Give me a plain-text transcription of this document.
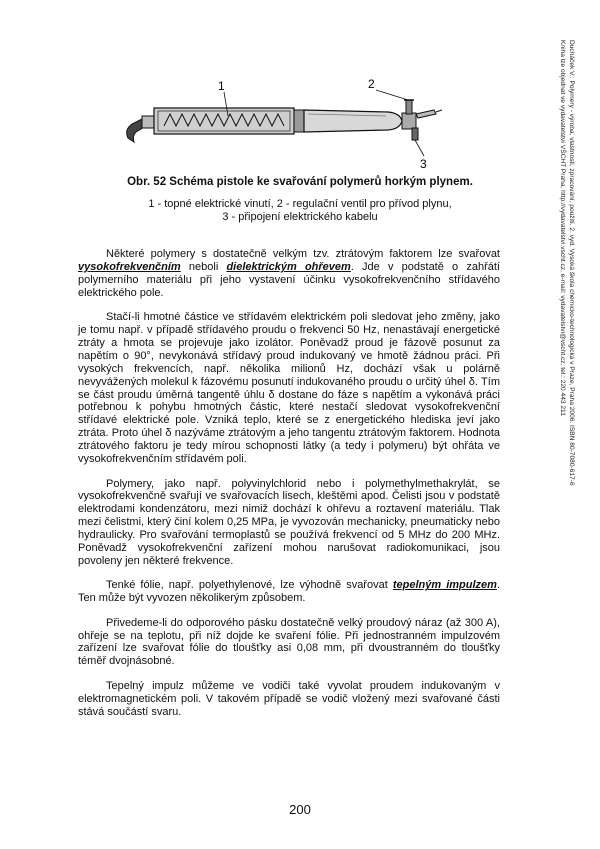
1	2
3
Obr. 52 Schéma pistole ke svařování polymerů horkým plynem.
1 - topné elektrické vinutí, 2 - regulační ventil pro přívod plynu,
3 - připojení elektrického kabelu

Některé polymery s dostatečně velkým tzv. ztrátovým faktorem lze svařovat vysokofrekvenčním neboli dielektrickým ohřevem. Jde v podstatě o zahřátí polymerního materiálu při jeho vystavení účinku vysokofrekvenčního střídavého elektrického pole.

Stačí-li hmotné částice ve střídavém elektrickém poli sledovat jeho změny, jako je tomu např. v případě střídavého proudu o frekvenci 50 Hz, nenastávají energetické ztráty a hmota se projevuje jako izolátor. Poněvadž proud je fázově posunut za napětím o 90°, nevykonává střídavý proud indukovaný ve hmotě žádnou práci. Při vysokých frekvencích, např. několika milionů Hz, dochází však u polárně nevyvážených molekul k fázovému posunutí indukovaného proudu o určitý úhel δ. Tím se část proudu úměrná tangentě úhlu δ dostane do fáze s napětím a vykonává práci potřebnou k pohybu hmotných částic, které nestačí sledovat vysokofrekvenční střídavé elektrické pole. Vzniká teplo, které se z energetického hlediska jeví jako ztráta. Proto úhel δ nazýváme ztrátovým a jeho tangentu ztrátovým faktorem. Hodnota ztrátového faktoru je tedy mírou schopnosti látky (a tedy i polymeru) být ohřáta ve vysokofrekvenčním střídavém poli.

Polymery, jako např. polyvinylchlorid nebo i polymethylmethakrylát, se vysokofrekvenčně svařují ve svařovacích lisech, kleštěmi apod. Čelisti jsou v podstatě elektrodami kondenzátoru, mezi nimiž dochází k ohřevu a roztavení materiálu. Tlak mezi čelistmi, který činí kolem 0,25 MPa, je vyvozován mechanicky, pneumaticky nebo hydraulicky. Pro svařování termoplastů se používá frekvencí od 5 MHz do 200 MHz. Poněvadž vysokofrekvenční zařízení mohou narušovat radiokomunikaci, jsou povoleny jen některé frekvence.

Tenké fólie, např. polyethylenové, lze výhodně svařovat tepelným impulzem. Ten může být vyvozen několikerým způsobem.

Přivedeme-li do odporového pásku dostatečně velký proudový náraz (až 300 A), ohřeje se na teplotu, při níž dojde ke svaření fólie. Při jednostranném impulzovém zařízení lze svařovat fólie do tloušťky asi 0,08 mm, při dvoustranném do tloušťky téměř dvojnásobné.

Tepelný impulz můžeme ve vodiči také vyvolat proudem indukovaným v elektromagnetickém poli. V takovém případě se vodič vložený mezi svařované části stává součástí svaru.

200
Ducháček V.: Polymery - výroba, vlastnosti, zpracování, použití. 2. vyd. Vysoká škola chemicko-technologická v Praze, Praha 2006. ISBN 80-7080-617-6
Kniha lze objednat ve vydavatelství VŠCHT Praha, http://vydavatelstvi.vscht.cz, e-mail: vydavatelstvi@vscht.cz, tel.: 220 443 211
